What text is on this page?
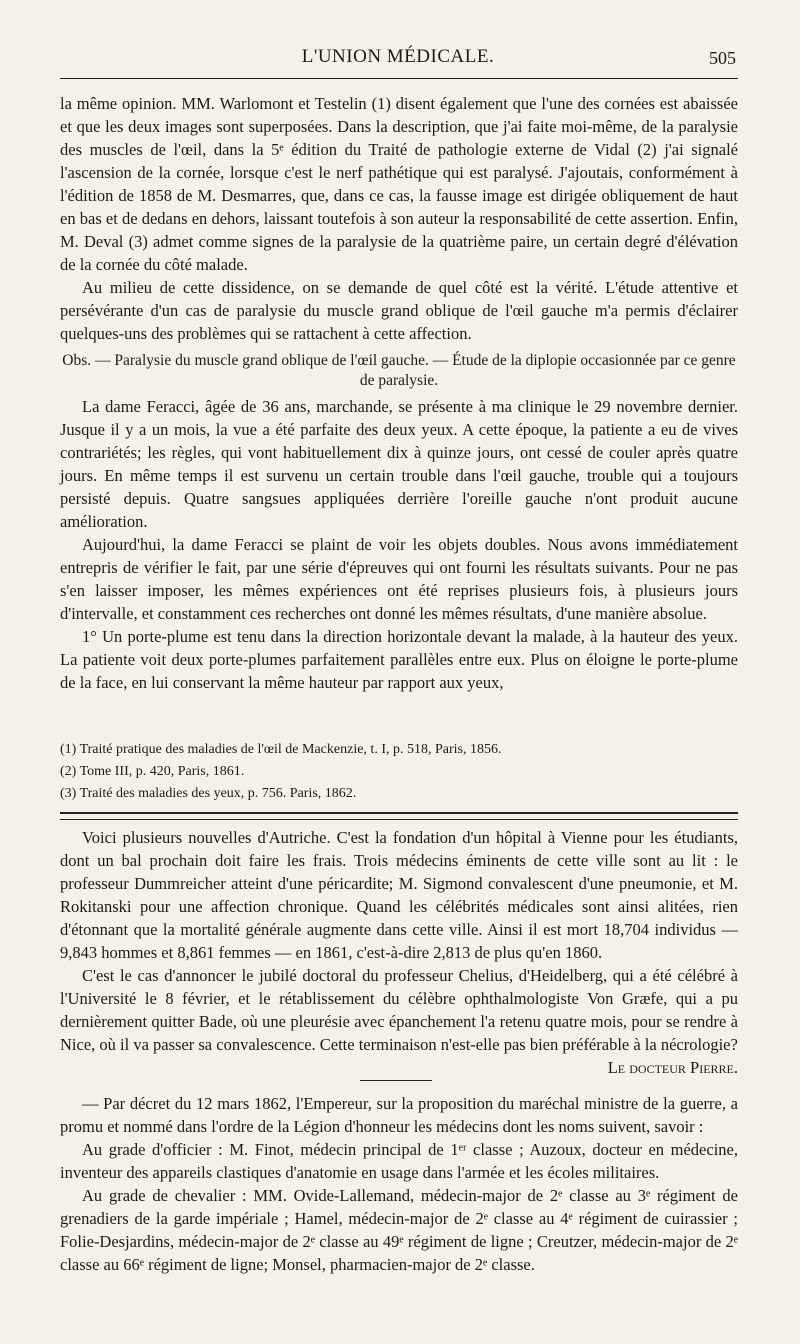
L'UNION MÉDICALE.	505

la même opinion. MM. Warlomont et Testelin (1) disent également que l'une des cornées est abaissée et que les deux images sont superposées. Dans la description, que j'ai faite moi-même, de la paralysie des muscles de l'œil, dans la 5ᵉ édition du Traité de pathologie externe de Vidal (2) j'ai signalé l'ascension de la cornée, lorsque c'est le nerf pathétique qui est paralysé. J'ajoutais, conformément à l'édition de 1858 de M. Desmarres, que, dans ce cas, la fausse image est dirigée obliquement de haut en bas et de dedans en dehors, laissant toutefois à son auteur la responsabilité de cette assertion. Enfin, M. Deval (3) admet comme signes de la paralysie de la quatrième paire, un certain degré d'élévation de la cornée du côté malade.

Au milieu de cette dissidence, on se demande de quel côté est la vérité. L'étude attentive et persévérante d'un cas de paralysie du muscle grand oblique de l'œil gauche m'a permis d'éclairer quelques-uns des problèmes qui se rattachent à cette affection.

Obs. — Paralysie du muscle grand oblique de l'œil gauche. — Étude de la diplopie occasionnée par ce genre de paralysie.

La dame Feracci, âgée de 36 ans, marchande, se présente à ma clinique le 29 novembre dernier. Jusque il y a un mois, la vue a été parfaite des deux yeux. A cette époque, la patiente a eu de vives contrariétés; les règles, qui vont habituellement dix à quinze jours, ont cessé de couler après quatre jours. En même temps il est survenu un certain trouble dans l'œil gauche, trouble qui a toujours persisté depuis. Quatre sangsues appliquées derrière l'oreille gauche n'ont produit aucune amélioration.

Aujourd'hui, la dame Feracci se plaint de voir les objets doubles. Nous avons immédiatement entrepris de vérifier le fait, par une série d'épreuves qui ont fourni les résultats suivants. Pour ne pas s'en laisser imposer, les mêmes expériences ont été reprises plusieurs fois, à plusieurs jours d'intervalle, et constamment ces recherches ont donné les mêmes résultats, d'une manière absolue.

1° Un porte-plume est tenu dans la direction horizontale devant la malade, à la hauteur des yeux. La patiente voit deux porte-plumes parfaitement parallèles entre eux. Plus on éloigne le porte-plume de la face, en lui conservant la même hauteur par rapport aux yeux,

(1) Traité pratique des maladies de l'œil de Mackenzie, t. I, p. 518, Paris, 1856.

(2) Tome III, p. 420, Paris, 1861.

(3) Traité des maladies des yeux, p. 756. Paris, 1862.

Voici plusieurs nouvelles d'Autriche. C'est la fondation d'un hôpital à Vienne pour les étudiants, dont un bal prochain doit faire les frais. Trois médecins éminents de cette ville sont au lit : le professeur Dummreicher atteint d'une péricardite; M. Sigmond convalescent d'une pneumonie, et M. Rokitanski pour une affection chronique. Quand les célébrités médicales sont ainsi alitées, rien d'étonnant que la mortalité générale augmente dans cette ville. Ainsi il est mort 18,704 individus — 9,843 hommes et 8,861 femmes — en 1861, c'est-à-dire 2,813 de plus qu'en 1860.

C'est le cas d'annoncer le jubilé doctoral du professeur Chelius, d'Heidelberg, qui a été célébré à l'Université le 8 février, et le rétablissement du célèbre ophthalmologiste Von Græfe, qui a pu dernièrement quitter Bade, où une pleurésie avec épanchement l'a retenu quatre mois, pour se rendre à Nice, où il va passer sa convalescence. Cette terminaison n'est-elle pas bien préférable à la nécrologie?

Le docteur Pierre.

— Par décret du 12 mars 1862, l'Empereur, sur la proposition du maréchal ministre de la guerre, a promu et nommé dans l'ordre de la Légion d'honneur les médecins dont les noms suivent, savoir :

Au grade d'officier : M. Finot, médecin principal de 1ᵉʳ classe ; Auzoux, docteur en médecine, inventeur des appareils clastiques d'anatomie en usage dans l'armée et les écoles militaires.

Au grade de chevalier : MM. Ovide-Lallemand, médecin-major de 2ᵉ classe au 3ᵉ régiment de grenadiers de la garde impériale ; Hamel, médecin-major de 2ᵉ classe au 4ᵉ régiment de cuirassier ; Folie-Desjardins, médecin-major de 2ᵉ classe au 49ᵉ régiment de ligne ; Creutzer, médecin-major de 2ᵉ classe au 66ᵉ régiment de ligne; Monsel, pharmacien-major de 2ᵉ classe.
